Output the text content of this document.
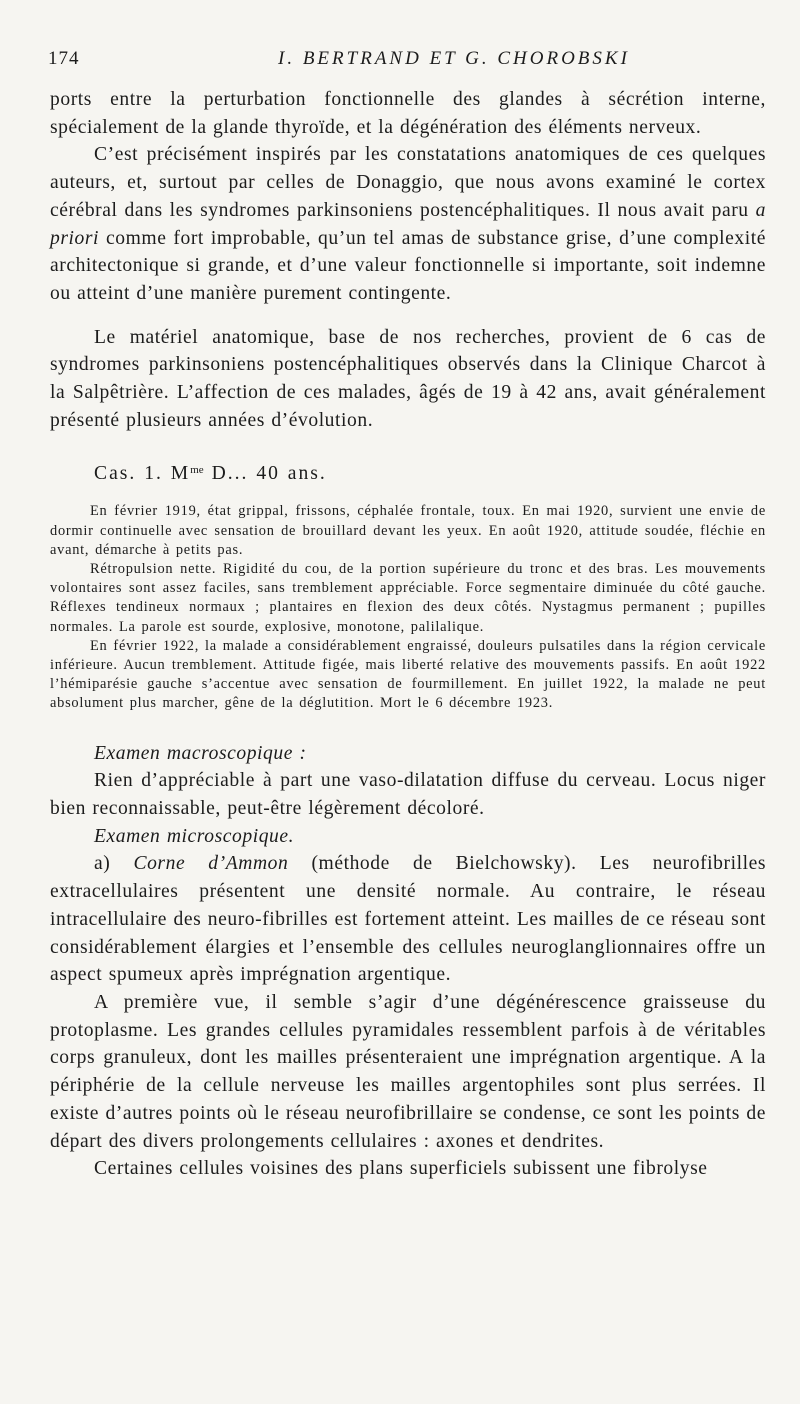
174	I. BERTRAND ET G. CHOROBSKI

ports entre la perturbation fonctionnelle des glandes à sécrétion interne, spécialement de la glande thyroïde, et la dégénération des éléments nerveux.

C’est précisément inspirés par les constatations anatomiques de ces quelques auteurs, et, surtout par celles de Donaggio, que nous avons examiné le cortex cérébral dans les syndromes parkinsoniens postencéphalitiques. Il nous avait paru a priori comme fort improbable, qu’un tel amas de substance grise, d’une complexité architectonique si grande, et d’une valeur fonctionnelle si importante, soit indemne ou atteint d’une manière purement contingente.

Le matériel anatomique, base de nos recherches, provient de 6 cas de syndromes parkinsoniens postencéphalitiques observés dans la Clinique Charcot à la Salpêtrière. L’affection de ces malades, âgés de 19 à 42 ans, avait généralement présenté plusieurs années d’évolution.

Cas. 1. $M^{me}$ D... 40 ans.

En février 1919, état grippal, frissons, céphalée frontale, toux. En mai 1920, survient une envie de dormir continuelle avec sensation de brouillard devant les yeux. En août 1920, attitude soudée, fléchie en avant, démarche à petits pas.

Rétropulsion nette. Rigidité du cou, de la portion supérieure du tronc et des bras. Les mouvements volontaires sont assez faciles, sans tremblement appréciable. Force segmentaire diminuée du côté gauche. Réflexes tendineux normaux ; plantaires en flexion des deux côtés. Nystagmus permanent ; pupilles normales. La parole est sourde, explosive, monotone, palilalique.

En février 1922, la malade a considérablement engraissé, douleurs pulsatiles dans la région cervicale inférieure. Aucun tremblement. Attitude figée, mais liberté relative des mouvements passifs. En août 1922 l’hémiparésie gauche s’accentue avec sensation de fourmillement. En juillet 1922, la malade ne peut absolument plus marcher, gêne de la déglutition. Mort le 6 décembre 1923.

Examen macroscopique :

Rien d’appréciable à part une vaso-dilatation diffuse du cerveau. Locus niger bien reconnaissable, peut-être légèrement décoloré.

Examen microscopique.

a) Corne d’Ammon (méthode de Bielchowsky). Les neurofibrilles extracellulaires présentent une densité normale. Au contraire, le réseau intracellulaire des neuro-fibrilles est fortement atteint. Les mailles de ce réseau sont considérablement élargies et l’ensemble des cellules neuroglanglionnaires offre un aspect spumeux après imprégnation argentique.

A première vue, il semble s’agir d’une dégénérescence graisseuse du protoplasme. Les grandes cellules pyramidales ressemblent parfois à de véritables corps granuleux, dont les mailles présenteraient une imprégnation argentique. A la périphérie de la cellule nerveuse les mailles argentophiles sont plus serrées. Il existe d’autres points où le réseau neurofibrillaire se condense, ce sont les points de départ des divers prolongements cellulaires : axones et dendrites.

Certaines cellules voisines des plans superficiels subissent une fibrolyse
